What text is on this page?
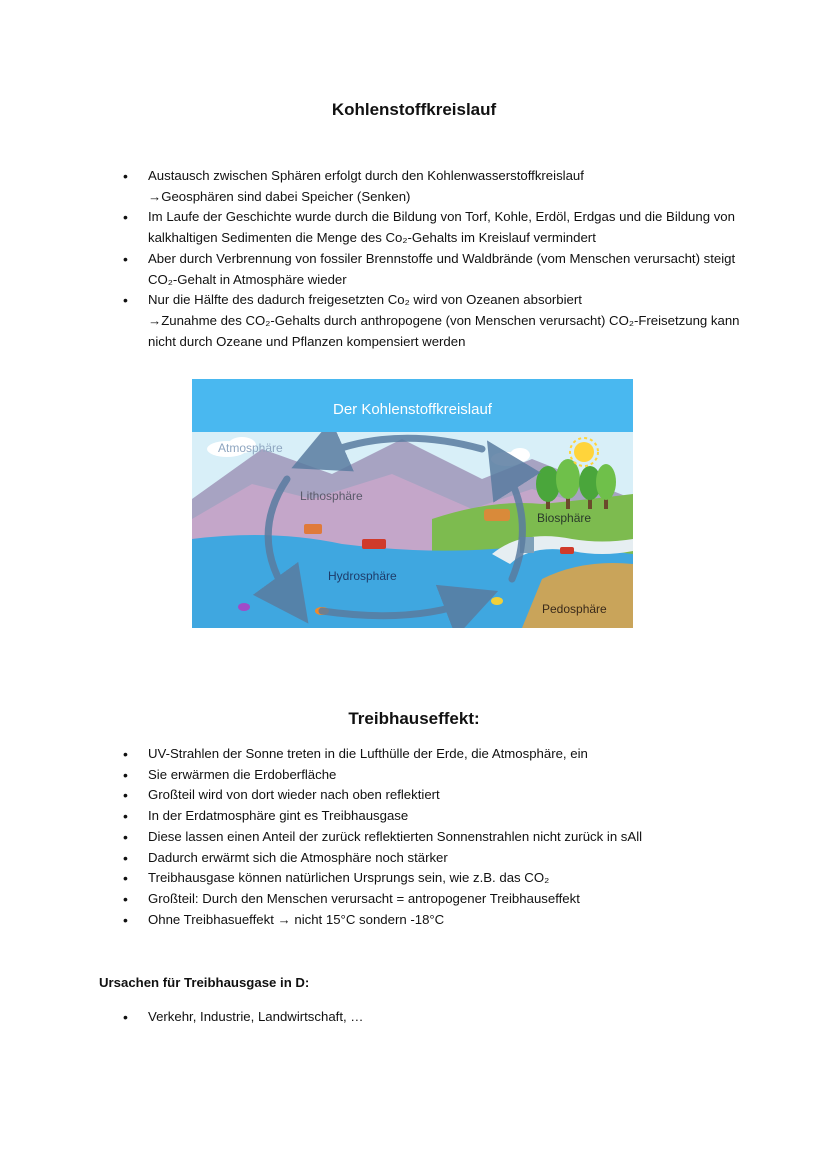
Kohlenstoffkreislauf
• Austausch zwischen Sphären erfolgt durch den Kohlenwasserstoffkreislauf
→Geosphären sind dabei Speicher (Senken)
• Im Laufe der Geschichte wurde durch die Bildung von Torf, Kohle, Erdöl, Erdgas und die Bildung von kalkhaltigen Sedimenten die Menge des Co₂-Gehalts im Kreislauf vermindert
• Aber durch Verbrennung von fossiler Brennstoffe und Waldbrände (vom Menschen verursacht) steigt CO₂-Gehalt in Atmosphäre wieder
• Nur die Hälfte des dadurch freigesetzten Co₂ wird von Ozeanen absorbiert
→Zunahme des CO₂-Gehalts durch anthropogene (von Menschen verursacht) CO₂-Freisetzung kann nicht durch Ozeane und Pflanzen kompensiert werden
Der Kohlenstoffkreislauf
Atmosphäre
Lithosphäre
Biosphäre
Hydrosphäre
Pedosphäre
Treibhauseffekt:
• UV-Strahlen der Sonne treten in die Lufthülle der Erde, die Atmosphäre, ein
• Sie erwärmen die Erdoberfläche
• Großteil wird von dort wieder nach oben reflektiert
• In der Erdatmosphäre gint es Treibhausgase
• Diese lassen einen Anteil der zurück reflektierten Sonnenstrahlen nicht zurück in sAll
• Dadurch erwärmt sich die Atmosphäre noch stärker
• Treibhausgase können natürlichen Ursprungs sein, wie z.B. das CO₂
• Großteil: Durch den Menschen verursacht = antropogener Treibhauseffekt
• Ohne Treibhasueffekt → nicht 15°C sondern -18°C
Ursachen für Treibhausgase in D:
• Verkehr, Industrie, Landwirtschaft, …
